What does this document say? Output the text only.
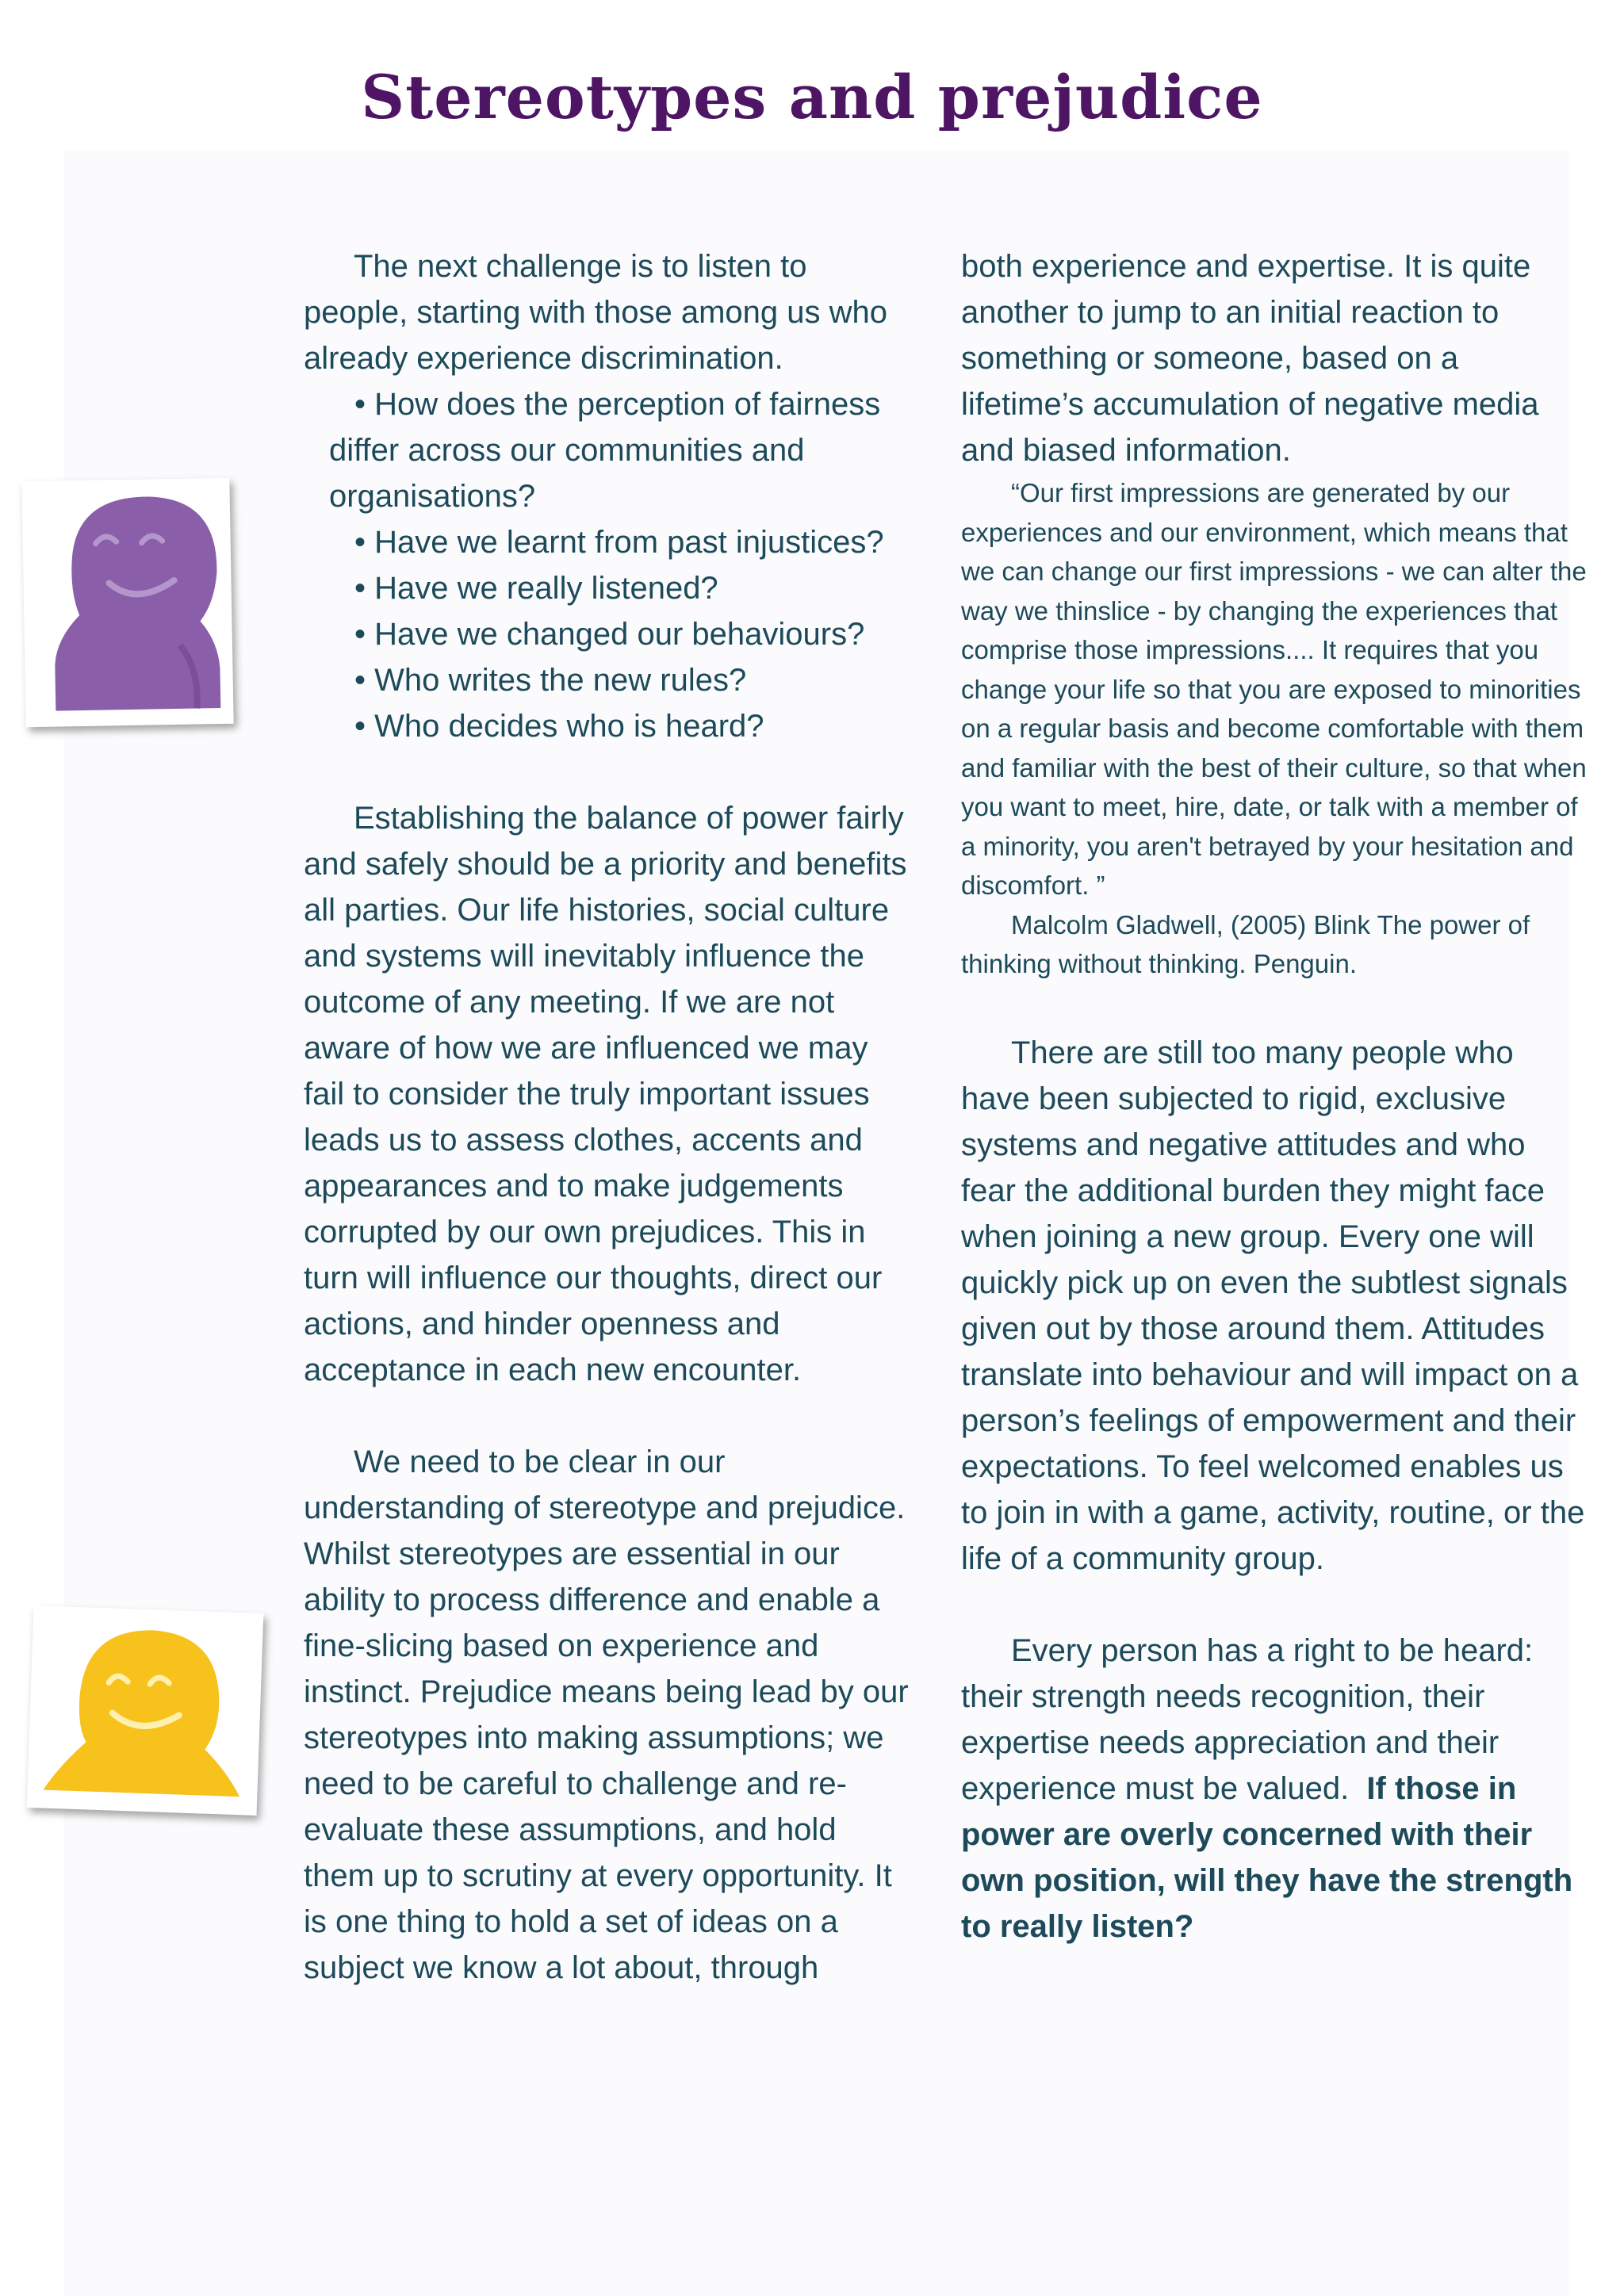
Stereotypes and prejudice

The next challenge is to listen to people, starting with those among us who already experience discrimination.

• How does the perception of fairness differ across our communities and organisations?
• Have we learnt from past injustices?
• Have we really listened?
• Have we changed our behaviours?
• Who writes the new rules?
• Who decides who is heard?

Establishing the balance of power fairly and safely should be a priority and benefits all parties. Our life histories, social culture and systems will inevitably influence the outcome of any meeting. If we are not aware of how we are influenced we may fail to consider the truly important issues leads us to assess clothes, accents and appearances and to make judgements corrupted by our own prejudices. This in turn will influence our thoughts, direct our actions, and hinder openness and acceptance in each new encounter.

We need to be clear in our understanding of stereotype and prejudice. Whilst stereotypes are essential in our ability to process difference and enable a fine-slicing based on experience and instinct. Prejudice means being lead by our stereotypes into making assumptions; we need to be careful to challenge and re-evaluate these assumptions, and hold them up to scrutiny at every opportunity. It is one thing to hold a set of ideas on a subject we know a lot about, through

both experience and expertise. It is quite another to jump to an initial reaction to something or someone, based on a lifetime’s accumulation of negative media and biased information.

“Our first impressions are generated by our experiences and our environment, which means that we can change our first impressions - we can alter the way we thinslice - by changing the experiences that comprise those impressions.... It requires that you change your life so that you are exposed to minorities on a regular basis and become comfortable with them and familiar with the best of their culture, so that when you want to meet, hire, date, or talk with a member of a minority, you aren't betrayed by your hesitation and discomfort. ”

Malcolm Gladwell, (2005) Blink The power of thinking without thinking. Penguin.

There are still too many people who have been subjected to rigid, exclusive systems and negative attitudes and who fear the additional burden they might face when joining a new group. Every one will quickly pick up on even the subtlest signals given out by those around them. Attitudes translate into behaviour and will impact on a person’s feelings of empowerment and their expectations. To feel welcomed enables us to join in with a game, activity, routine, or the life of a community group.

Every person has a right to be heard: their strength needs recognition, their expertise needs appreciation and their experience must be valued. If those in power are overly concerned with their own position, will they have the strength to really listen?
